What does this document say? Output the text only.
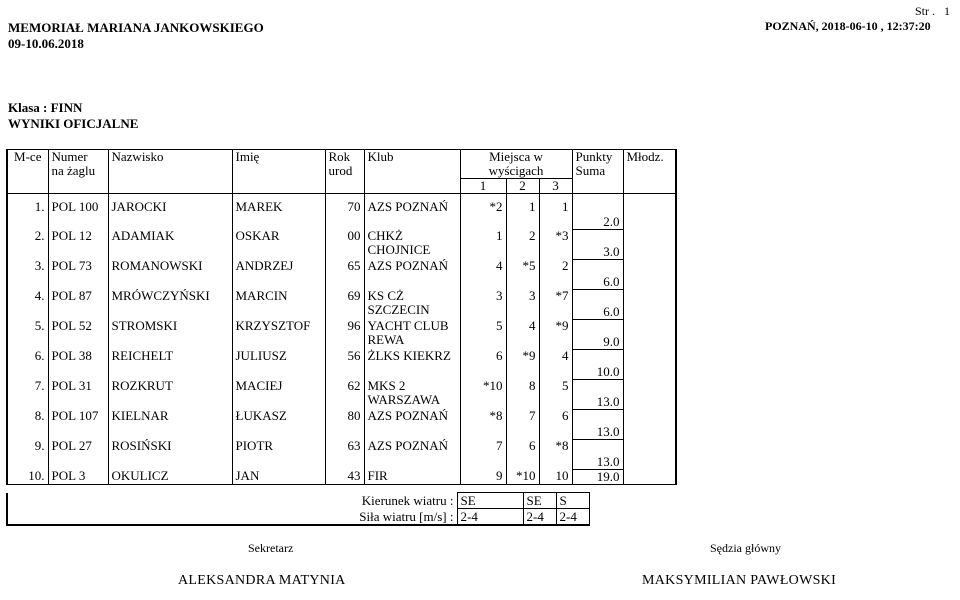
MEMORIAŁ MARIANA JANKOWSKIEGO
09-10.06.2018
Str .   1
POZNAŃ, 2018-06-10 , 12:37:20
Klasa : FINN
WYNIKI OFICJALNE
M-ce	Numer
na żaglu	Nazwisko	Imię	Rok
urod	Klub	Miejsca w wyścigach			Punkty
Suma	Młodz.
						1	2	3		

1.	POL 100	JAROCKI	MAREK	70	AZS POZNAŃ	*2	1	1	2.0	
2.	POL 12	ADAMIAK	OSKAR	00	CHKŻ
CHOJNICE	1	2	*3	3.0	
3.	POL 73	ROMANOWSKI	ANDRZEJ	65	AZS POZNAŃ	4	*5	2	6.0	
4.	POL 87	MRÓWCZYŃSKI	MARCIN	69	KS CŻ
SZCZECIN	3	3	*7	6.0	
5.	POL 52	STROMSKI	KRZYSZTOF	96	YACHT CLUB
REWA	5	4	*9	9.0	
6.	POL 38	REICHELT	JULIUSZ	56	ŻLKS KIEKRZ	6	*9	4	10.0	
7.	POL 31	ROZKRUT	MACIEJ	62	MKS 2
WARSZAWA	*10	8	5	13.0	
8.	POL 107	KIELNAR	ŁUKASZ	80	AZS POZNAŃ	*8	7	6	13.0	
9.	POL 27	ROSIŃSKI	PIOTR	63	AZS POZNAŃ	7	6	*8	13.0	
10.	POL 3	OKULICZ	JAN	43	FIR	9	*10	10	19.0	
Kierunek wiatru :	SE	SE	S
Siła wiatru [m/s] :	2-4	2-4	2-4
Sekretarz	Sędzia główny
ALEKSANDRA MATYNIA	MAKSYMILIAN PAWŁOWSKI
